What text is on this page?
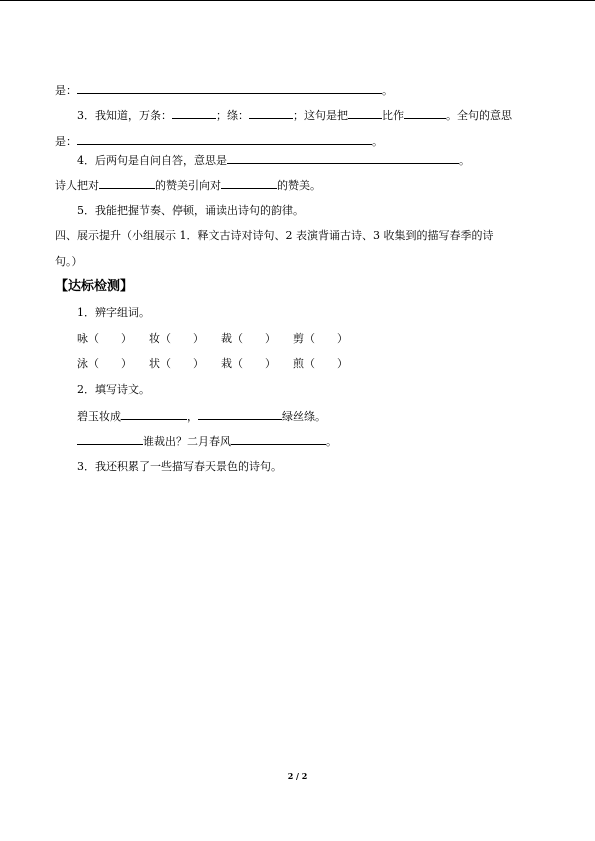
是：	。
3．我知道，万条：	；绦：	；这句是把	比作	。全句的意思
是：	。
4．后两句是自问自答，意思是	。
诗人把对	的赞美引向对	的赞美。
5．我能把握节奏、停顿，诵读出诗句的韵律。
四、展示提升（小组展示 1．释文古诗对诗句、2 表演背诵古诗、3 收集到的描写春季的诗
句。）
【达标检测】
1．辨字组词。
咏（　　） 妆（　　） 裁（　　） 剪（　　）
泳（　　） 状（　　） 栽（　　） 煎（　　）
2．填写诗文。
碧玉妆成	，	绿丝绦。
谁裁出？二月春风	。
3．我还积累了一些描写春天景色的诗句。
2 / 2
